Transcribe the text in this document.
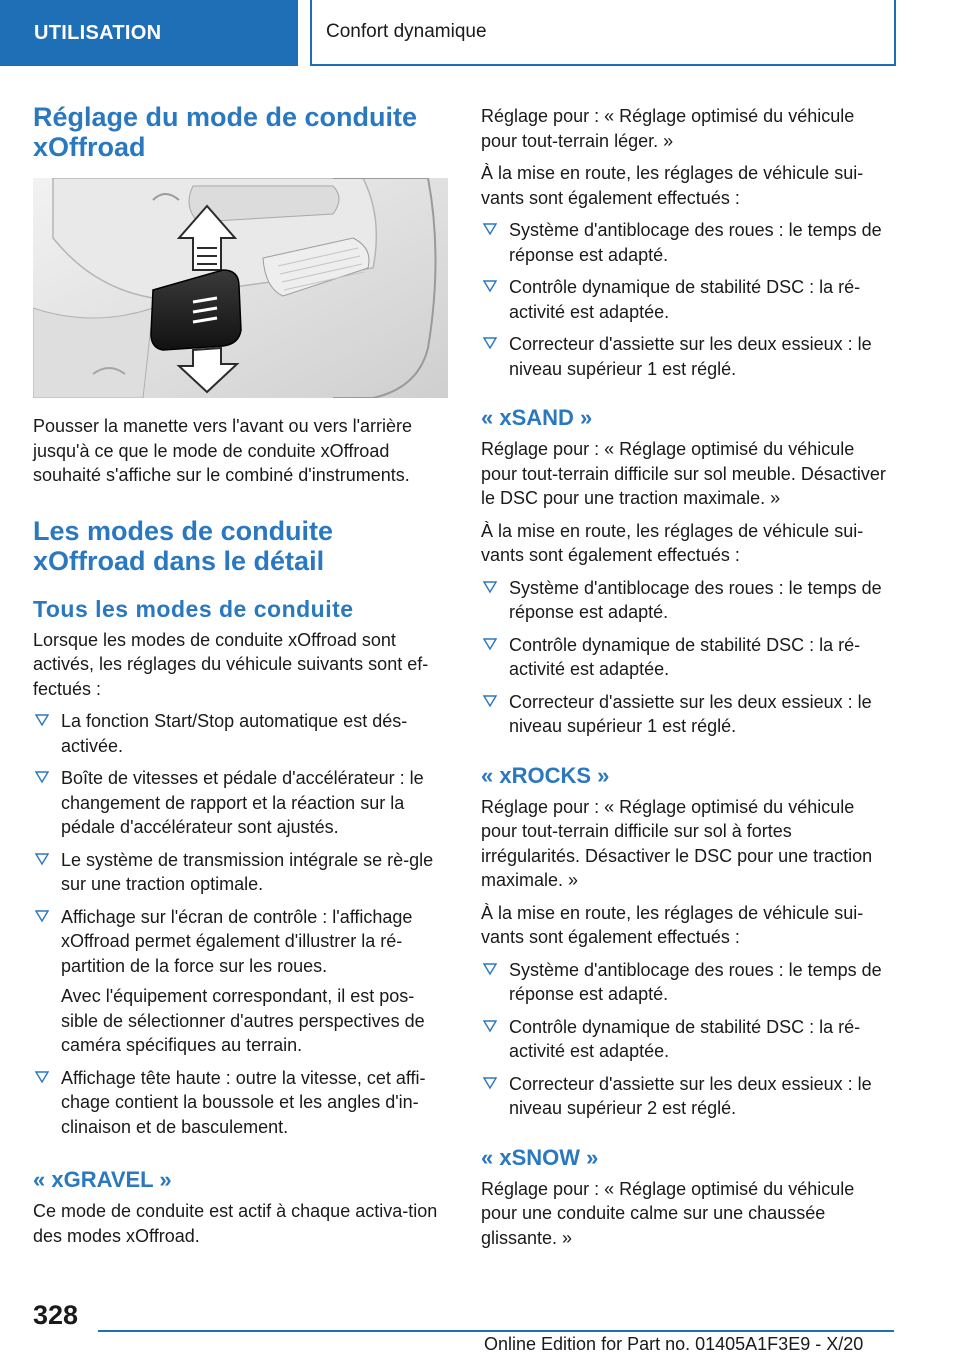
UTILISATION	Confort dynamique
Réglage du mode de conduite xOffroad

Pousser la manette vers l'avant ou vers l'arrière jusqu'à ce que le mode de conduite xOffroad souhaité s'affiche sur le combiné d'instruments.

Les modes de conduite xOffroad dans le détail
Tous les modes de conduite

Lorsque les modes de conduite xOffroad sont activés, les réglages du véhicule suivants sont ef-fectués :

La fonction Start/Stop automatique est dés-activée.
Boîte de vitesses et pédale d'accélérateur : le changement de rapport et la réaction sur la pédale d'accélérateur sont ajustés.
Le système de transmission intégrale se rè-gle sur une traction optimale.
Affichage sur l'écran de contrôle : l'affichage xOffroad permet également d'illustrer la ré-partition de la force sur les roues.
Avec l'équipement correspondant, il est pos-sible de sélectionner d'autres perspectives de caméra spécifiques au terrain.
Affichage tête haute : outre la vitesse, cet affi-chage contient la boussole et les angles d'in-clinaison et de basculement.
« xGRAVEL »

Ce mode de conduite est actif à chaque activa-tion des modes xOffroad.

Réglage pour : « Réglage optimisé du véhicule pour tout-terrain léger. »

À la mise en route, les réglages de véhicule sui-vants sont également effectués :

Système d'antiblocage des roues : le temps de réponse est adapté.
Contrôle dynamique de stabilité DSC : la ré-activité est adaptée.
Correcteur d'assiette sur les deux essieux : le niveau supérieur 1 est réglé.
« xSAND »

Réglage pour : « Réglage optimisé du véhicule pour tout-terrain difficile sur sol meuble. Désactiver le DSC pour une traction maximale. »

À la mise en route, les réglages de véhicule sui-vants sont également effectués :

Système d'antiblocage des roues : le temps de réponse est adapté.
Contrôle dynamique de stabilité DSC : la ré-activité est adaptée.
Correcteur d'assiette sur les deux essieux : le niveau supérieur 1 est réglé.
« xROCKS »

Réglage pour : « Réglage optimisé du véhicule pour tout-terrain difficile sur sol à fortes irrégularités. Désactiver le DSC pour une traction maximale. »

À la mise en route, les réglages de véhicule sui-vants sont également effectués :

Système d'antiblocage des roues : le temps de réponse est adapté.
Contrôle dynamique de stabilité DSC : la ré-activité est adaptée.
Correcteur d'assiette sur les deux essieux : le niveau supérieur 2 est réglé.
« xSNOW »

Réglage pour : « Réglage optimisé du véhicule pour une conduite calme sur une chaussée glissante. »

328
Online Edition for Part no. 01405A1F3E9 - X/20
